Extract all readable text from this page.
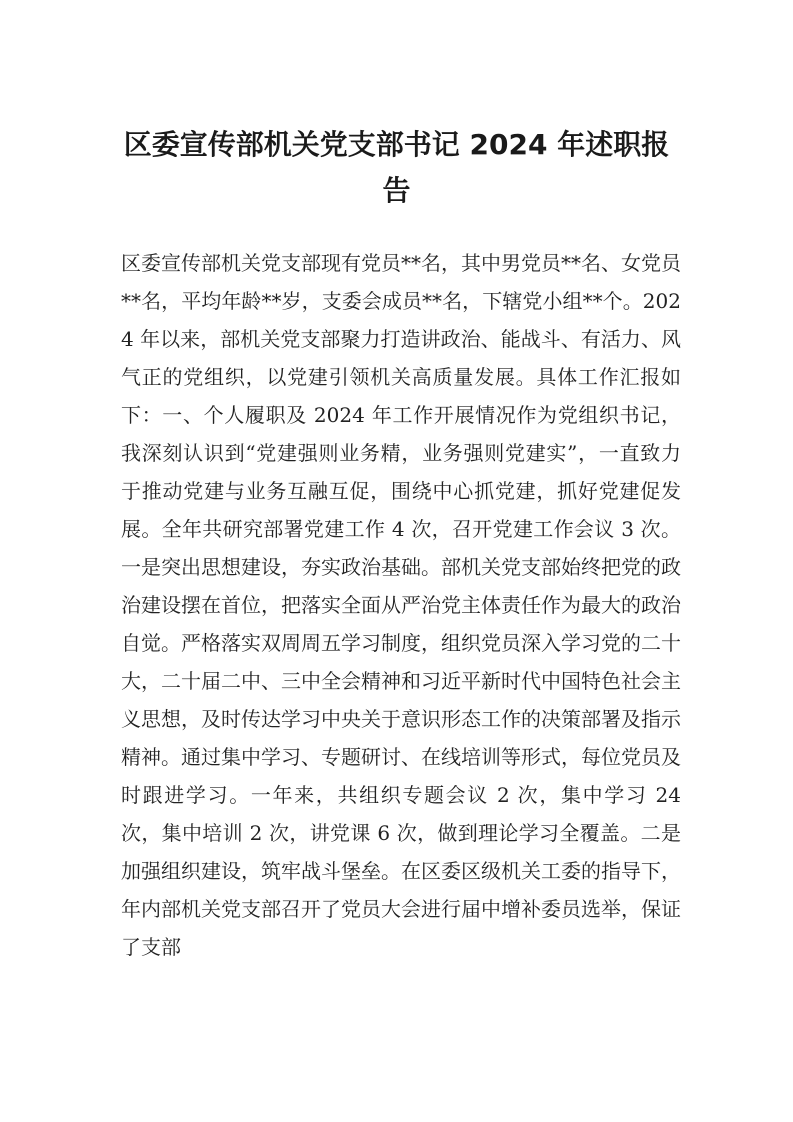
区委宣传部机关党支部书记 2024 年述职报告

区委宣传部机关党支部现有党员**名，其中男党员**名、女党员**名，平均年龄**岁，支委会成员**名，下辖党小组**个。2024 年以来，部机关党支部聚力打造讲政治、能战斗、有活力、风气正的党组织，以党建引领机关高质量发展。具体工作汇报如下：一、个人履职及 2024 年工作开展情况作为党组织书记，我深刻认识到“党建强则业务精，业务强则党建实”，一直致力于推动党建与业务互融互促，围绕中心抓党建，抓好党建促发展。全年共研究部署党建工作 4 次，召开党建工作会议 3 次。一是突出思想建设，夯实政治基础。部机关党支部始终把党的政治建设摆在首位，把落实全面从严治党主体责任作为最大的政治自觉。严格落实双周周五学习制度，组织党员深入学习党的二十大，二十届二中、三中全会精神和习近平新时代中国特色社会主义思想，及时传达学习中央关于意识形态工作的决策部署及指示精神。通过集中学习、专题研讨、在线培训等形式，每位党员及时跟进学习。一年来，共组织专题会议 2 次，集中学习 24 次，集中培训 2 次，讲党课 6 次，做到理论学习全覆盖。二是加强组织建设，筑牢战斗堡垒。在区委区级机关工委的指导下，年内部机关党支部召开了党员大会进行届中增补委员选举，保证了支部
